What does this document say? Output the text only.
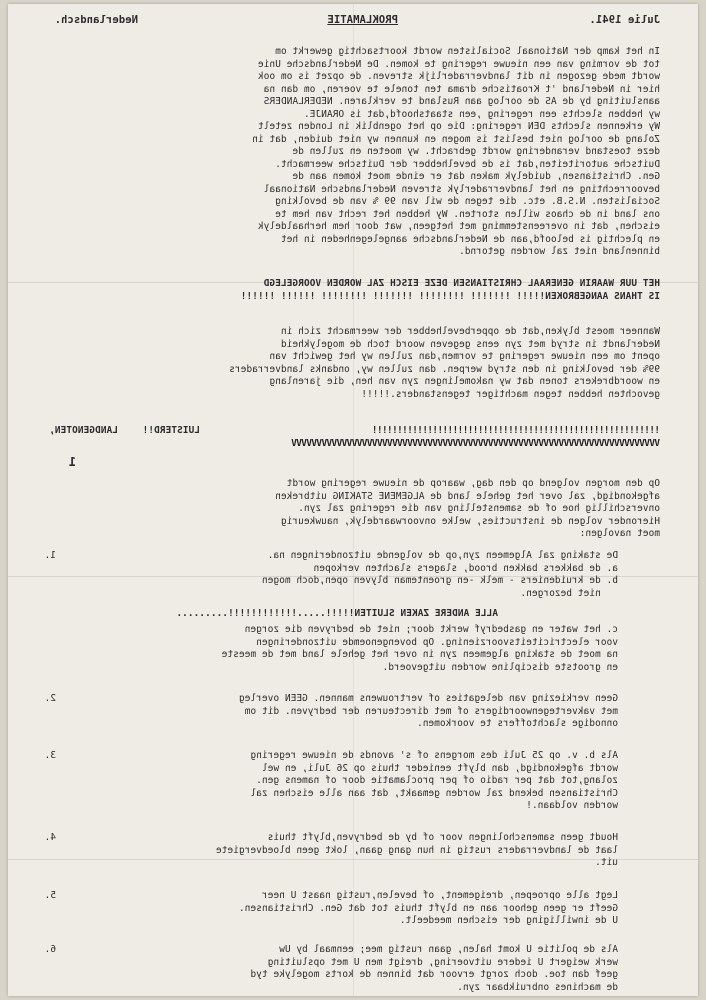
Julie 1941.
PROKLAMATIE
Nederlandsch.
In het kamp der Nationaal Socialisten wordt koortsachtig gewerkt om
tot de vorming van een nieuwe regering te komen. De Nederlandsche Unie
wordt mede gezogen in dit landverraderlijk streven. de opzet is om ook
hier in Nederland 't Kroatische drama ten tonele te voeren, om dan na
aansluiting by de AS de oorlog aan Rusland te verklaren. NEDERLANDERS
wy hebben slechts een regering ,een staatshoofd,dat is ORANJE.
Wy erkennen slechts DEN regering: Die op het ogenblik in Londen zetelt
Zolang de oorlog niet beslist is mogen en kunnen wy niet duiden, dat in
deze toestand verandering wordt gebracht. wy moeten en zullen de
Duitsche autoriteiten,dat is de bevelhebber der Duitsche weermacht.
Gen. Christiansen, duidelyk maken dat er einde moet komen aan de
bevoorrechting en het landverraderlyk streven Nederlandsche Nationaal
Socialisten. N.S.B. etc. die tegen de wil van 99 % van de bevolking
ons land in de chaos willen storten. Wy hebben het recht van hem te
eischen, dat in overeenstemming met hetgeen, wat door hem herhaaldelyk
en plechtig is beloofd,aan de Nederlandsche aangelegenheden in het
binnenland niet zal worden getornd.
HET UUR WAARIN GENERAAL CHRISTIANSEN DEZE EISCH ZAL WORDEN VOORGELEGD
IS THANS AANGEBROKEN!!!!! !!!!!!! !!!!!!!! !!!!!!! !!!!!!!! !!!!!! !!!!!!
Wanneer moest blyken,dat de opperbevelhebber der weermacht zich in
Nederlandt in stryd met zyn eens gegeven woord toch de mogelykheid
opent om een nieuwe regering te vormen,dan zullen wy het gewicht van
99% der bevolking in den stryd werpen. dan zullen wy, ondanks landverraders
en woordbrekers tonen dat wy nakomelingen zyn van hen, die jarenlang
gevochten hebben tegen machtiger tegenstanders.!!!!!
!!!!!!!!!!!!!!!!!!!!!!!!!!!!!!!!!!!!!!!!!!!!!!!!!!!!!!!!!
LUISTERD!!
LANDGENOTEN,
VVVVVVVVVVVVVVVVVVVVVVVVVVVVVVVVVVVVVVVVVVVVVVVVVVVVVVVVVVVVVVVVVVVVVVVVV
1
Op den morgen volgend op den dag, waarop de nieuwe regering wordt
afgekondigd, zal over het gehele land de ALGEMENE STAKING uitbreken
onverschillig hoe of de samenstelling van die regering zal zyn.
Hieronder volgen de instructies, welke onvoorwaardelyk, nauwkeurig
moet navolgen:
1.	De staking zal Algemeen zyn,op de volgende uitzonderingen na.
a. de bakkers bakken brood, slagers slachten verkopen
b. de kruideniers - melk -en groenteman blyven open,doch mogen
niet bezorgen.
ALLE ANDERE ZAKEN SLUITEN!!!!!.....!!!!!!!!!!!!.........
c. het water en gasbedryf werkt door; niet de bedryven die zorgen
voor electriciteitsvoorziening. Op bovengenoemde uitzonderingen
na moet de staking algemeen zyn in over het gehele land met de meeste
en grootste discipline worden uitgevoerd.
2.	Geen verkiezing van delegaties of vertrouwens mannen. GEEN overleg
met vakvertegenwoordigers of met directeuren der bedryven. dit om
onnodige slachtoffers te voorkomen.
3.	Als b. v. op 25 Juli des morgens of s' avonds de nieuwe regering
wordt afgekondigd, dan blyft eenieder thuis op 26 Juli, en wel
zolang,tot dat per radio of per proclamatie door of namens gen.
Christiansen bekend zal worden gemaakt, dat aan alle eischen zal
worden voldaan.!
4.	Houdt geen samenscholingen voor of by de bedryven,blyft thuis
laat de landverraders rustig in hun gang gaan, lokt geen bloedvergiete
uit.
5.	Legt alle oproepen, dreigement, of bevelen,rustig naast U neer
Geeft er geen gehoor aan en blyft thuis tot dat Gen. Christiansen.
U de inwilliging der eischen meedeelt.
6.	Als de politie U komt halen, gaan rustig mee; eenmaal by Uw
werk weigert U iedere uitvoering, dreigt men U met opsluiting
geef dan toe. doch zorgt ervoor dat binnen de korts mogelyke tyd
de machines onbruikbaar zyn.
